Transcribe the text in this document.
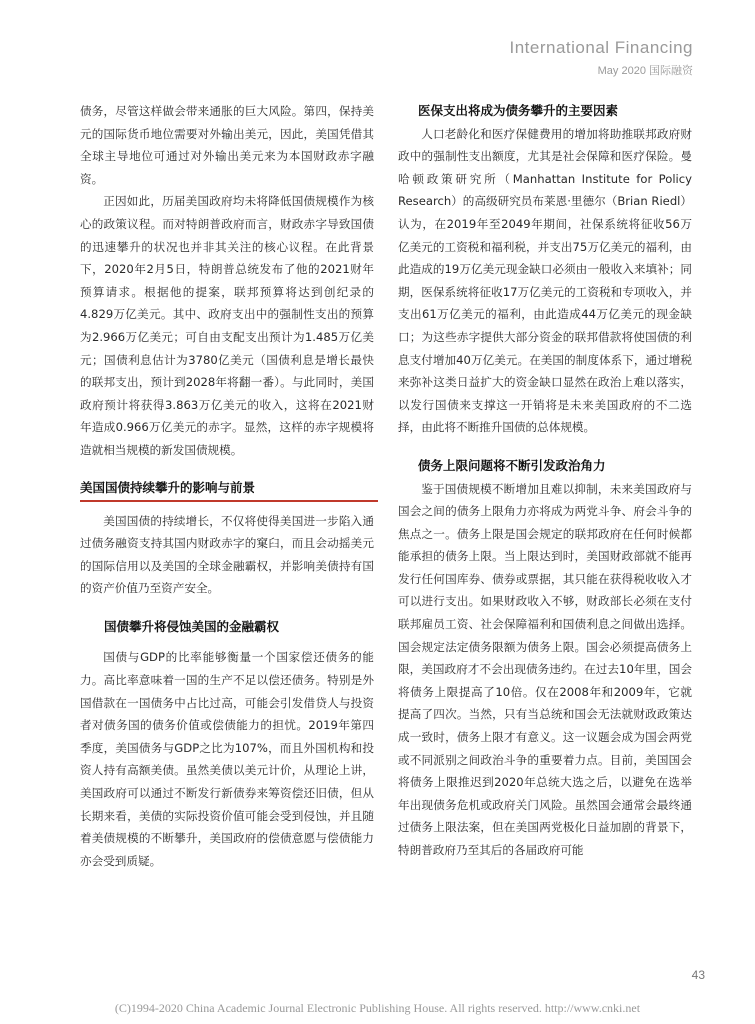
International Financing
May 2020 国际融资

债务，尽管这样做会带来通胀的巨大风险。第四，保持美元的国际货币地位需要对外输出美元，因此，美国凭借其全球主导地位可通过对外输出美元来为本国财政赤字融资。

正因如此，历届美国政府均未将降低国债规模作为核心的政策议程。而对特朗普政府而言，财政赤字导致国债的迅速攀升的状况也并非其关注的核心议程。在此背景下，2020年2月5日，特朗普总统发布了他的2021财年预算请求。根据他的提案，联邦预算将达到创纪录的4.829万亿美元。其中、政府支出中的强制性支出的预算为2.966万亿美元；可自由支配支出预计为1.485万亿美元；国债利息估计为3780亿美元（国债利息是增长最快的联邦支出，预计到2028年将翻一番）。与此同时，美国政府预计将获得3.863万亿美元的收入，这将在2021财年造成0.966万亿美元的赤字。显然，这样的赤字规模将造就相当规模的新发国债规模。

美国国债持续攀升的影响与前景

美国国债的持续增长，不仅将使得美国进一步陷入通过债务融资支持其国内财政赤字的窠臼，而且会动摇美元的国际信用以及美国的全球金融霸权，并影响美债持有国的资产价值乃至资产安全。

国债攀升将侵蚀美国的金融霸权

国债与GDP的比率能够衡量一个国家偿还债务的能力。高比率意味着一国的生产不足以偿还债务。特别是外国借款在一国债务中占比过高，可能会引发借贷人与投资者对债务国的债务价值或偿债能力的担忧。2019年第四季度，美国债务与GDP之比为107%，而且外国机构和投资人持有高额美债。虽然美债以美元计价，从理论上讲，美国政府可以通过不断发行新债券来筹资偿还旧债，但从长期来看，美债的实际投资价值可能会受到侵蚀，并且随着美债规模的不断攀升，美国政府的偿债意愿与偿债能力亦会受到质疑。

医保支出将成为债务攀升的主要因素

人口老龄化和医疗保健费用的增加将助推联邦政府财政中的强制性支出额度，尤其是社会保障和医疗保险。曼哈顿政策研究所（Manhattan Institute for Policy Research）的高级研究员布莱恩·里德尔（Brian Riedl）认为，在2019年至2049年期间，社保系统将征收56万亿美元的工资税和福利税，并支出75万亿美元的福利，由此造成的19万亿美元现金缺口必须由一般收入来填补；同期，医保系统将征收17万亿美元的工资税和专项收入，并支出61万亿美元的福利，由此造成44万亿美元的现金缺口；为这些赤字提供大部分资金的联邦借款将使国债的利息支付增加40万亿美元。在美国的制度体系下，通过增税来弥补这类日益扩大的资金缺口显然在政治上难以落实，以发行国债来支撑这一开销将是未来美国政府的不二选择，由此将不断推升国债的总体规模。

债务上限问题将不断引发政治角力

鉴于国债规模不断增加且难以抑制，未来美国政府与国会之间的债务上限角力亦将成为两党斗争、府会斗争的焦点之一。债务上限是国会规定的联邦政府在任何时候都能承担的债务上限。当上限达到时，美国财政部就不能再发行任何国库券、债券或票据，其只能在获得税收收入才可以进行支出。如果财政收入不够，财政部长必须在支付联邦雇员工资、社会保障福利和国债利息之间做出选择。国会规定法定债务限额为债务上限。国会必须提高债务上限，美国政府才不会出现债务违约。在过去10年里，国会将债务上限提高了10倍。仅在2008年和2009年，它就提高了四次。当然，只有当总统和国会无法就财政政策达成一致时，债务上限才有意义。这一议题会成为国会两党或不同派别之间政治斗争的重要着力点。目前，美国国会将债务上限推迟到2020年总统大选之后，以避免在选举年出现债务危机或政府关门风险。虽然国会通常会最终通过债务上限法案，但在美国两党极化日益加剧的背景下，特朗普政府乃至其后的各届政府可能

43
(C)1994-2020 China Academic Journal Electronic Publishing House. All rights reserved. http://www.cnki.net
